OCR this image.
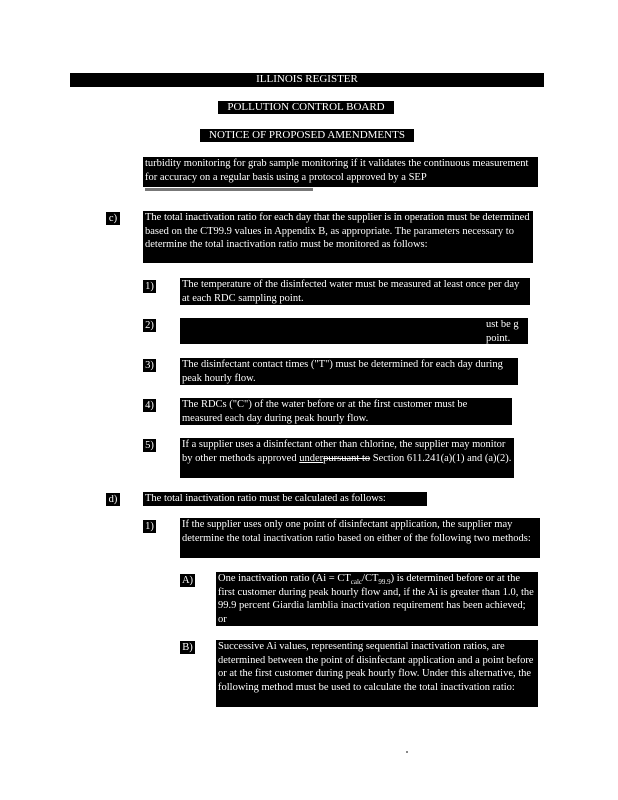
ILLINOIS REGISTER
POLLUTION CONTROL BOARD
NOTICE OF PROPOSED AMENDMENTS
turbidity monitoring for grab sample monitoring if it validates the continuous measurement for accuracy on a regular basis using a protocol approved by a SEP
c)	The total inactivation ratio for each day that the supplier is in operation must be determined based on the CT99.9 values in Appendix B, as appropriate. The parameters necessary to determine the total inactivation ratio must be monitored as follows:
1)	The temperature of the disinfected water must be measured at least once per day at each RDC sampling point.
2)	ust be g point.
3)	The disinfectant contact times ("T") must be determined for each day during peak hourly flow.
4)	The RDCs ("C") of the water before or at the first customer must be measured each day during peak hourly flow.
5)	If a supplier uses a disinfectant other than chlorine, the supplier may monitor by other methods approved underpursuant to Section 611.241(a)(1) and (a)(2).
d)	The total inactivation ratio must be calculated as follows:
1)	If the supplier uses only one point of disinfectant application, the supplier may determine the total inactivation ratio based on either of the following two methods:
A) One inactivation ratio $(Ai = CT_{calc}/CT_{99.9})$ is determined before or at the first customer during peak hourly flow and, if the Ai is greater than 1.0, the 99.9 percent Giardia lamblia inactivation requirement has been achieved; or
B) Successive Ai values, representing sequential inactivation ratios, are determined between the point of disinfectant application and a point before or at the first customer during peak hourly flow. Under this alternative, the following method must be used to calculate the total inactivation ratio:
